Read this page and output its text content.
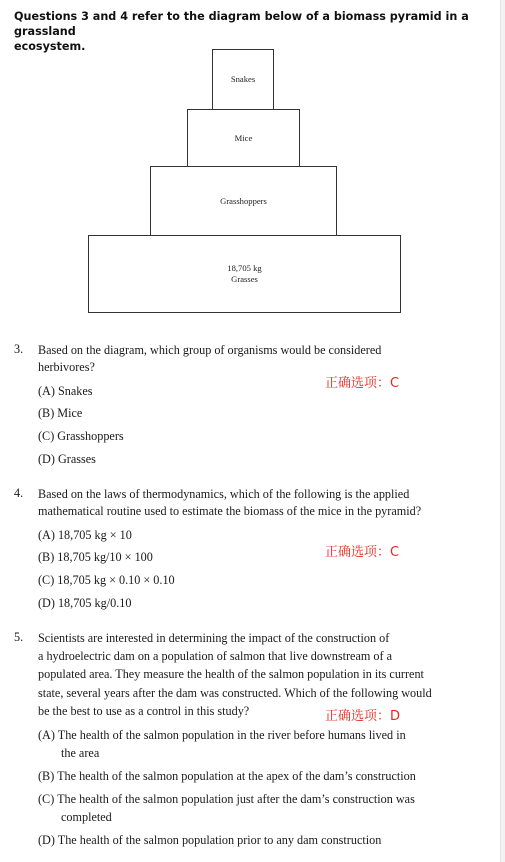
Questions 3 and 4 refer to the diagram below of a biomass pyramid in a grassland
ecosystem.
Snakes
Mice
Grasshoppers
18,705 kg
Grasses
3. Based on the diagram, which group of organisms would be considered
herbivores?
正确选项：C
(A) Snakes
(B) Mice
(C) Grasshoppers
(D) Grasses
4. Based on the laws of thermodynamics, which of the following is the applied
mathematical routine used to estimate the biomass of the mice in the pyramid?
(A) 18,705 kg × 10
正确选项：C
(B) 18,705 kg/10 × 100
(C) 18,705 kg × 0.10 × 0.10
(D) 18,705 kg/0.10
5. Scientists are interested in determining the impact of the construction of
a hydroelectric dam on a population of salmon that live downstream of a
populated area. They measure the health of the salmon population in its current
state, several years after the dam was constructed. Which of the following would
be the best to use as a control in this study?	正确选项：D
(A) The health of the salmon population in the river before humans lived in
the area
(B) The health of the salmon population at the apex of the dam’s construction
(C) The health of the salmon population just after the dam’s construction was
completed
(D) The health of the salmon population prior to any dam construction
